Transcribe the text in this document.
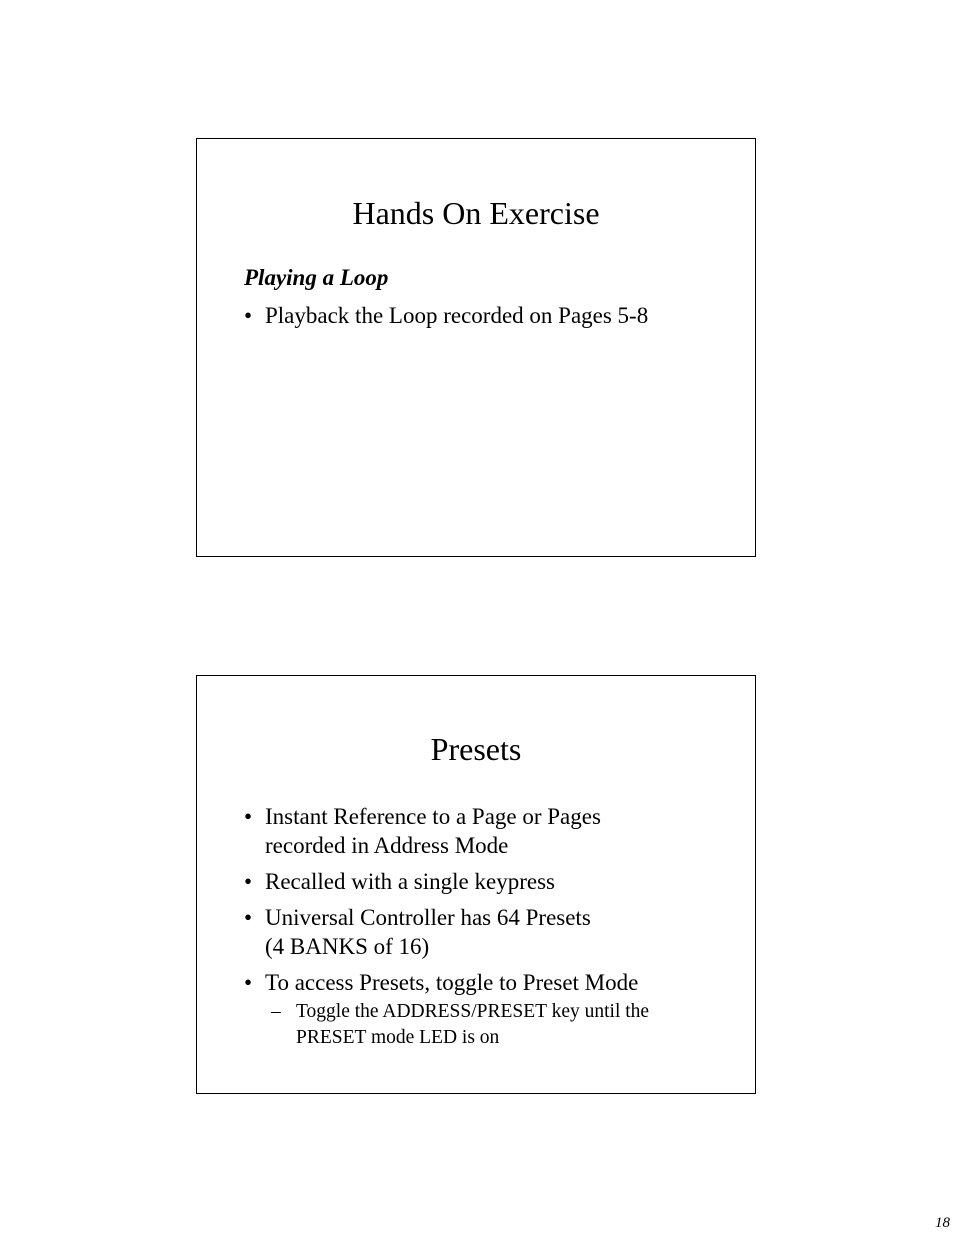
Hands On Exercise
Playing a Loop
• Playback the Loop recorded on Pages 5-8
Presets
• Instant Reference to a Page or Pages
recorded in Address Mode
• Recalled with a single keypress
• Universal Controller has 64 Presets
(4 BANKS of 16)
• To access Presets, toggle to Preset Mode
– Toggle the ADDRESS/PRESET key until the
PRESET mode LED is on
18
